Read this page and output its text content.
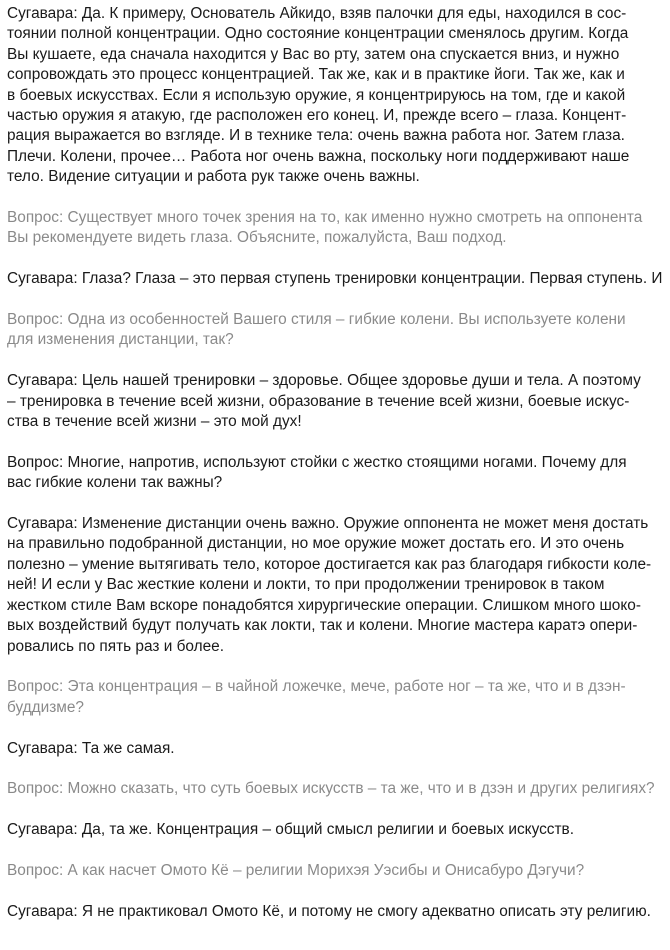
Сугавара: Да. К примеру, Основатель Айкидо, взяв палочки для еды, находился в сос-
тоянии полной концентрации. Одно состояние концентрации сменялось другим. Когда
Вы кушаете, еда сначала находится у Вас во рту, затем она спускается вниз, и нужно
сопровождать это процесс концентрацией. Так же, как и в практике йоги. Так же, как и
в боевых искусствах. Если я использую оружие, я концентрируюсь на том, где и какой
частью оружия я атакую, где расположен его конец. И, прежде всего – глаза. Концент-
рация выражается во взгляде. И в технике тела: очень важна работа ног. Затем глаза.
Плечи. Колени, прочее… Работа ног очень важна, поскольку ноги поддерживают наше
тело. Видение ситуации и работа рук также очень важны.

Вопрос: Существует много точек зрения на то, как именно нужно смотреть на оппонента
Вы рекомендуете видеть глаза. Объясните, пожалуйста, Ваш подход.

Сугавара: Глаза? Глаза – это первая ступень тренировки концентрации. Первая ступень. И

Вопрос: Одна из особенностей Вашего стиля – гибкие колени. Вы используете колени
для изменения дистанции, так?

Сугавара: Цель нашей тренировки – здоровье. Общее здоровье души и тела. А поэтому
– тренировка в течение всей жизни, образование в течение всей жизни, боевые искус-
ства в течение всей жизни – это мой дух!

Вопрос: Многие, напротив, используют стойки с жестко стоящими ногами. Почему для
вас гибкие колени так важны?

Сугавара: Изменение дистанции очень важно. Оружие оппонента не может меня достать
на правильно подобранной дистанции, но мое оружие может достать его. И это очень
полезно – умение вытягивать тело, которое достигается как раз благодаря гибкости коле-
ней! И если у Вас жесткие колени и локти, то при продолжении тренировок в таком
жестком стиле Вам вскоре понадобятся хирургические операции. Слишком много шоко-
вых воздействий будут получать как локти, так и колени. Многие мастера каратэ опери-
ровались по пять раз и более.

Вопрос: Эта концентрация – в чайной ложечке, мече, работе ног – та же, что и в дзэн-
буддизме?

Сугавара: Та же самая.

Вопрос: Можно сказать, что суть боевых искусств – та же, что и в дзэн и других религиях?

Сугавара: Да, та же. Концентрация – общий смысл религии и боевых искусств.

Вопрос: А как насчет Омото Кё – религии Морихэя Уэсибы и Онисабуро Дэгучи?

Сугавара: Я не практиковал Омото Кё, и потому не смогу адекватно описать эту религию.
